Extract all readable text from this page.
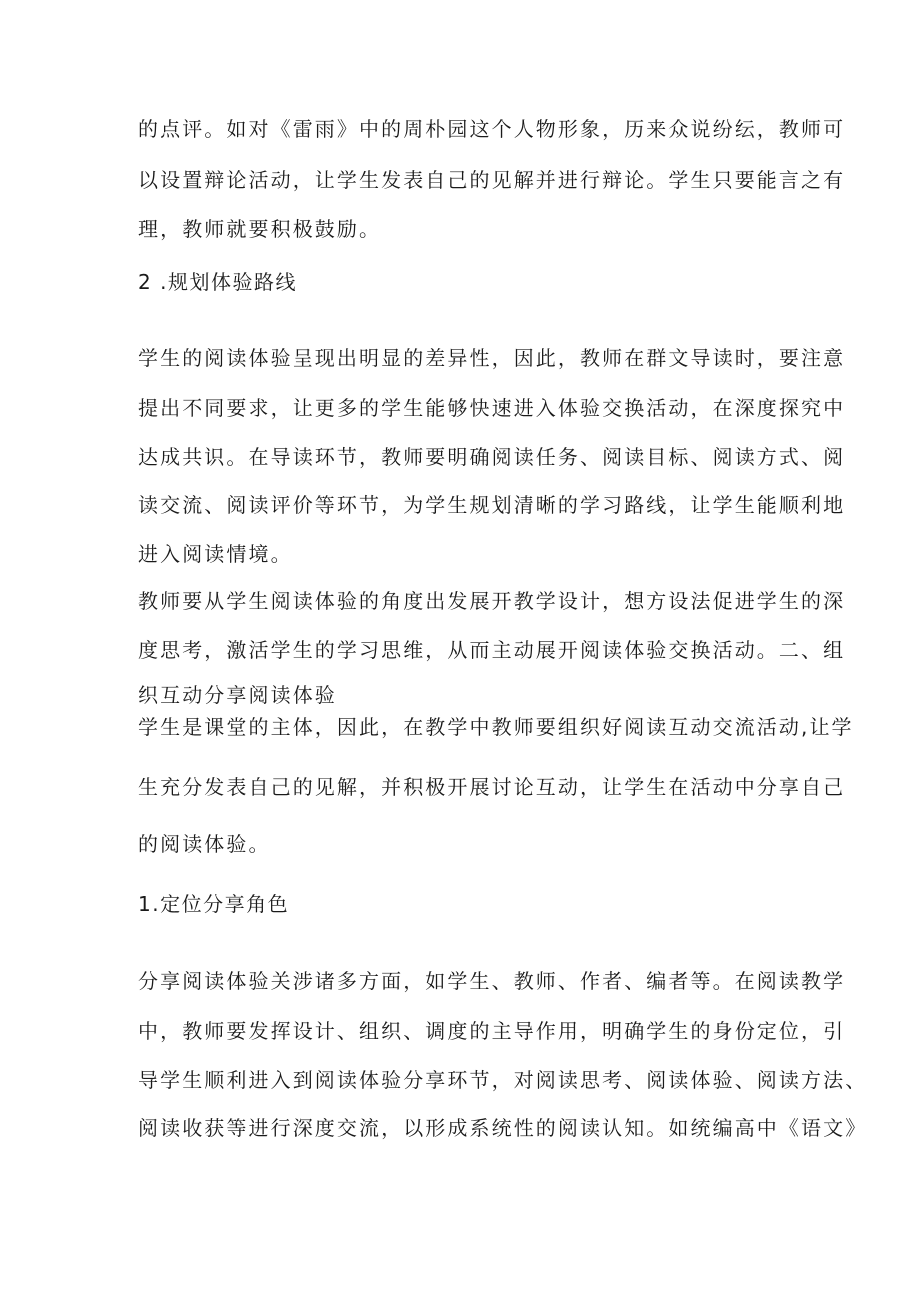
的点评。如对《雷雨》中的周朴园这个人物形象，历来众说纷纭，教师可
以设置辩论活动，让学生发表自己的见解并进行辩论。学生只要能言之有
理，教师就要积极鼓励。
2 .规划体验路线
学生的阅读体验呈现出明显的差异性，因此，教师在群文导读时，要注意
提出不同要求，让更多的学生能够快速进入体验交换活动，在深度探究中
达成共识。在导读环节，教师要明确阅读任务、阅读目标、阅读方式、阅
读交流、阅读评价等环节，为学生规划清晰的学习路线，让学生能顺利地
进入阅读情境。
教师要从学生阅读体验的角度出发展开教学设计，想方设法促进学生的深
度思考，激活学生的学习思维，从而主动展开阅读体验交换活动。二、组
织互动分享阅读体验
学生是课堂的主体，因此，在教学中教师要组织好阅读互动交流活动,让学
生充分发表自己的见解，并积极开展讨论互动，让学生在活动中分享自己
的阅读体验。
1.定位分享角色
分享阅读体验关涉诸多方面，如学生、教师、作者、编者等。在阅读教学
中，教师要发挥设计、组织、调度的主导作用，明确学生的身份定位，引
导学生顺利进入到阅读体验分享环节，对阅读思考、阅读体验、阅读方法、
阅读收获等进行深度交流，以形成系统性的阅读认知。如统编高中《语文》
